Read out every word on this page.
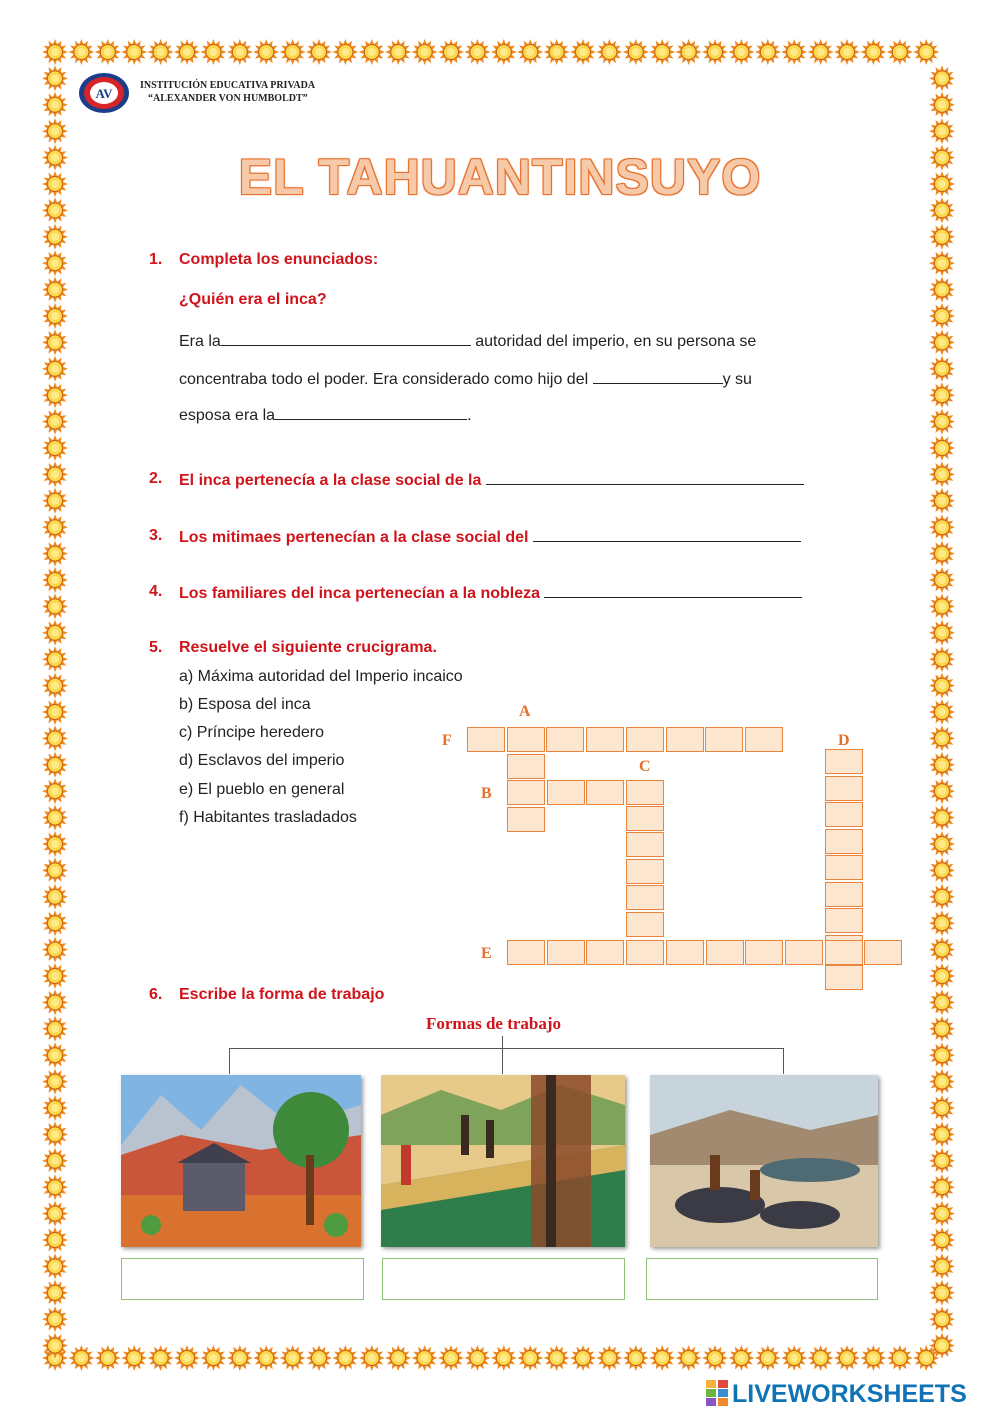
AV
INSTITUCIÓN EDUCATIVA PRIVADA
“ALEXANDER VON HUMBOLDT”
EL TAHUANTINSUYO
1. Completa los enunciados:
¿Quién era el inca?
Era la	autoridad del imperio, en su persona se
concentraba todo el poder. Era considerado como hijo del	y su
esposa era la	.
2. El inca pertenecía a la clase social de la
3. Los mitimaes pertenecían a la clase social del
4. Los familiares del inca pertenecían a la nobleza
5. Resuelve el siguiente crucigrama.
a) Máxima autoridad del Imperio incaico
b) Esposa del inca
c) Príncipe heredero
d) Esclavos del imperio
e) El pueblo en general
f) Habitantes trasladados
A
F	D
C
B
E
6. Escribe la forma de trabajo
Formas de trabajo
LIVEWORKSHEETS
